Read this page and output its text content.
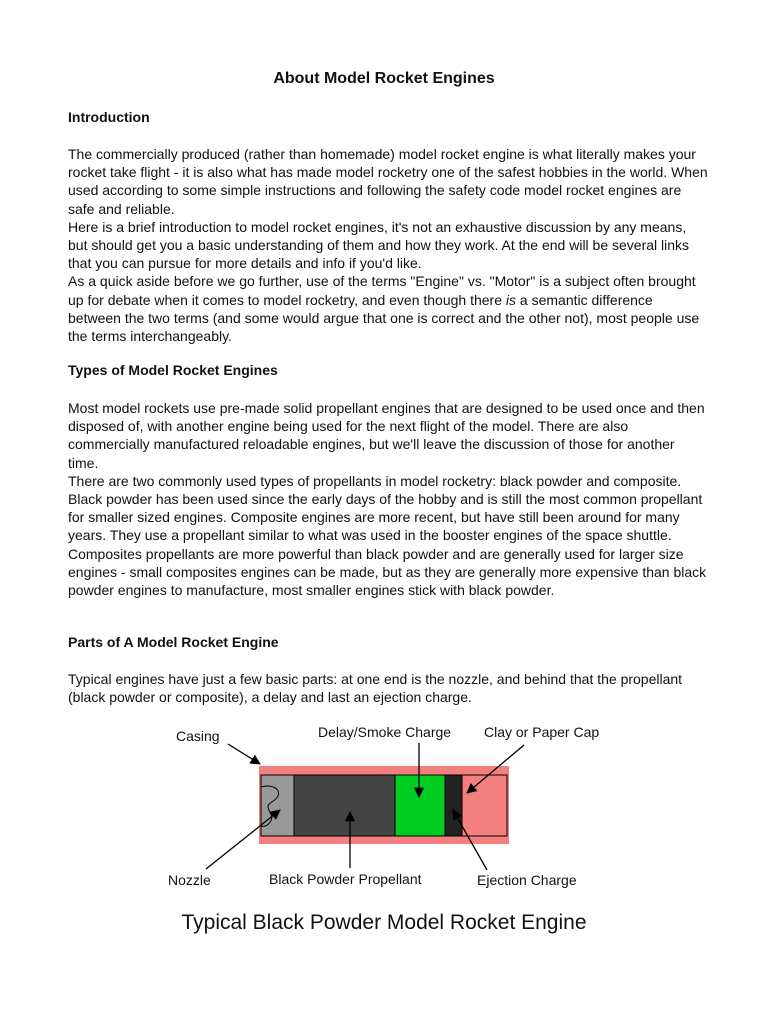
About Model Rocket Engines
Introduction

The commercially produced (rather than homemade) model rocket engine is what literally makes your rocket take flight - it is also what has made model rocketry one of the safest hobbies in the world. When used according to some simple instructions and following the safety code model rocket engines are safe and reliable.

Here is a brief introduction to model rocket engines, it's not an exhaustive discussion by any means, but should get you a basic understanding of them and how they work. At the end will be several links that you can pursue for more details and info if you'd like.

As a quick aside before we go further, use of the terms "Engine" vs. "Motor" is a subject often brought up for debate when it comes to model rocketry, and even though there is a semantic difference between the two terms (and some would argue that one is correct and the other not), most people use the terms interchangeably.

Types of Model Rocket Engines

Most model rockets use pre-made solid propellant engines that are designed to be used once and then disposed of, with another engine being used for the next flight of the model. There are also commercially manufactured reloadable engines, but we'll leave the discussion of those for another time.

There are two commonly used types of propellants in model rocketry: black powder and composite. Black powder has been used since the early days of the hobby and is still the most common propellant for smaller sized engines. Composite engines are more recent, but have still been around for many years. They use a propellant similar to what was used in the booster engines of the space shuttle. Composites propellants are more powerful than black powder and are generally used for larger size engines - small composites engines can be made, but as they are generally more expensive than black powder engines to manufacture, most smaller engines stick with black powder.

Parts of A Model Rocket Engine

Typical engines have just a few basic parts: at one end is the nozzle, and behind that the propellant (black powder or composite), a delay and last an ejection charge.

Casing	Delay/Smoke Charge Clay or Paper Cap
Nozzle	Black Powder Propellant	Ejection Charge

Typical Black Powder Model Rocket Engine
